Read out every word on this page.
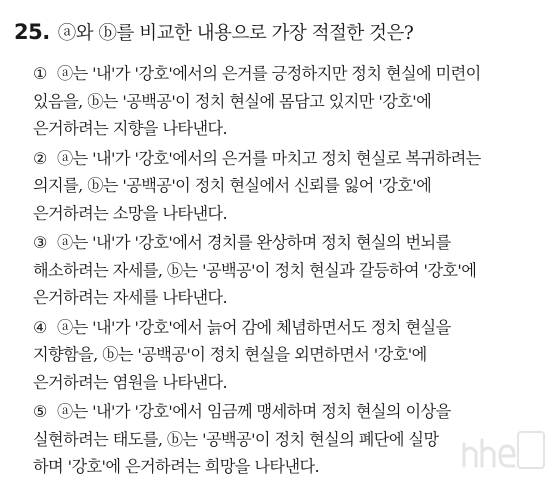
25. ⓐ와 ⓑ를 비교한 내용으로 가장 적절한 것은?
① ⓐ는 '내'가 '강호'에서의 은거를 긍정하지만 정치 현실에 미련이
있음을, ⓑ는 '공백공'이 정치 현실에 몸담고 있지만 '강호'에
은거하려는 지향을 나타낸다.
② ⓐ는 '내'가 '강호'에서의 은거를 마치고 정치 현실로 복귀하려는
의지를, ⓑ는 '공백공'이 정치 현실에서 신뢰를 잃어 '강호'에
은거하려는 소망을 나타낸다.
③ ⓐ는 '내'가 '강호'에서 경치를 완상하며 정치 현실의 번뇌를
해소하려는 자세를, ⓑ는 '공백공'이 정치 현실과 갈등하여 '강호'에
은거하려는 자세를 나타낸다.
④ ⓐ는 '내'가 '강호'에서 늙어 감에 체념하면서도 정치 현실을
지향함을, ⓑ는 '공백공'이 정치 현실을 외면하면서 '강호'에
은거하려는 염원을 나타낸다.
⑤ ⓐ는 '내'가 '강호'에서 임금께 맹세하며 정치 현실의 이상을
실현하려는 태도를, ⓑ는 '공백공'이 정치 현실의 폐단에 실망
하며 '강호'에 은거하려는 희망을 나타낸다.
